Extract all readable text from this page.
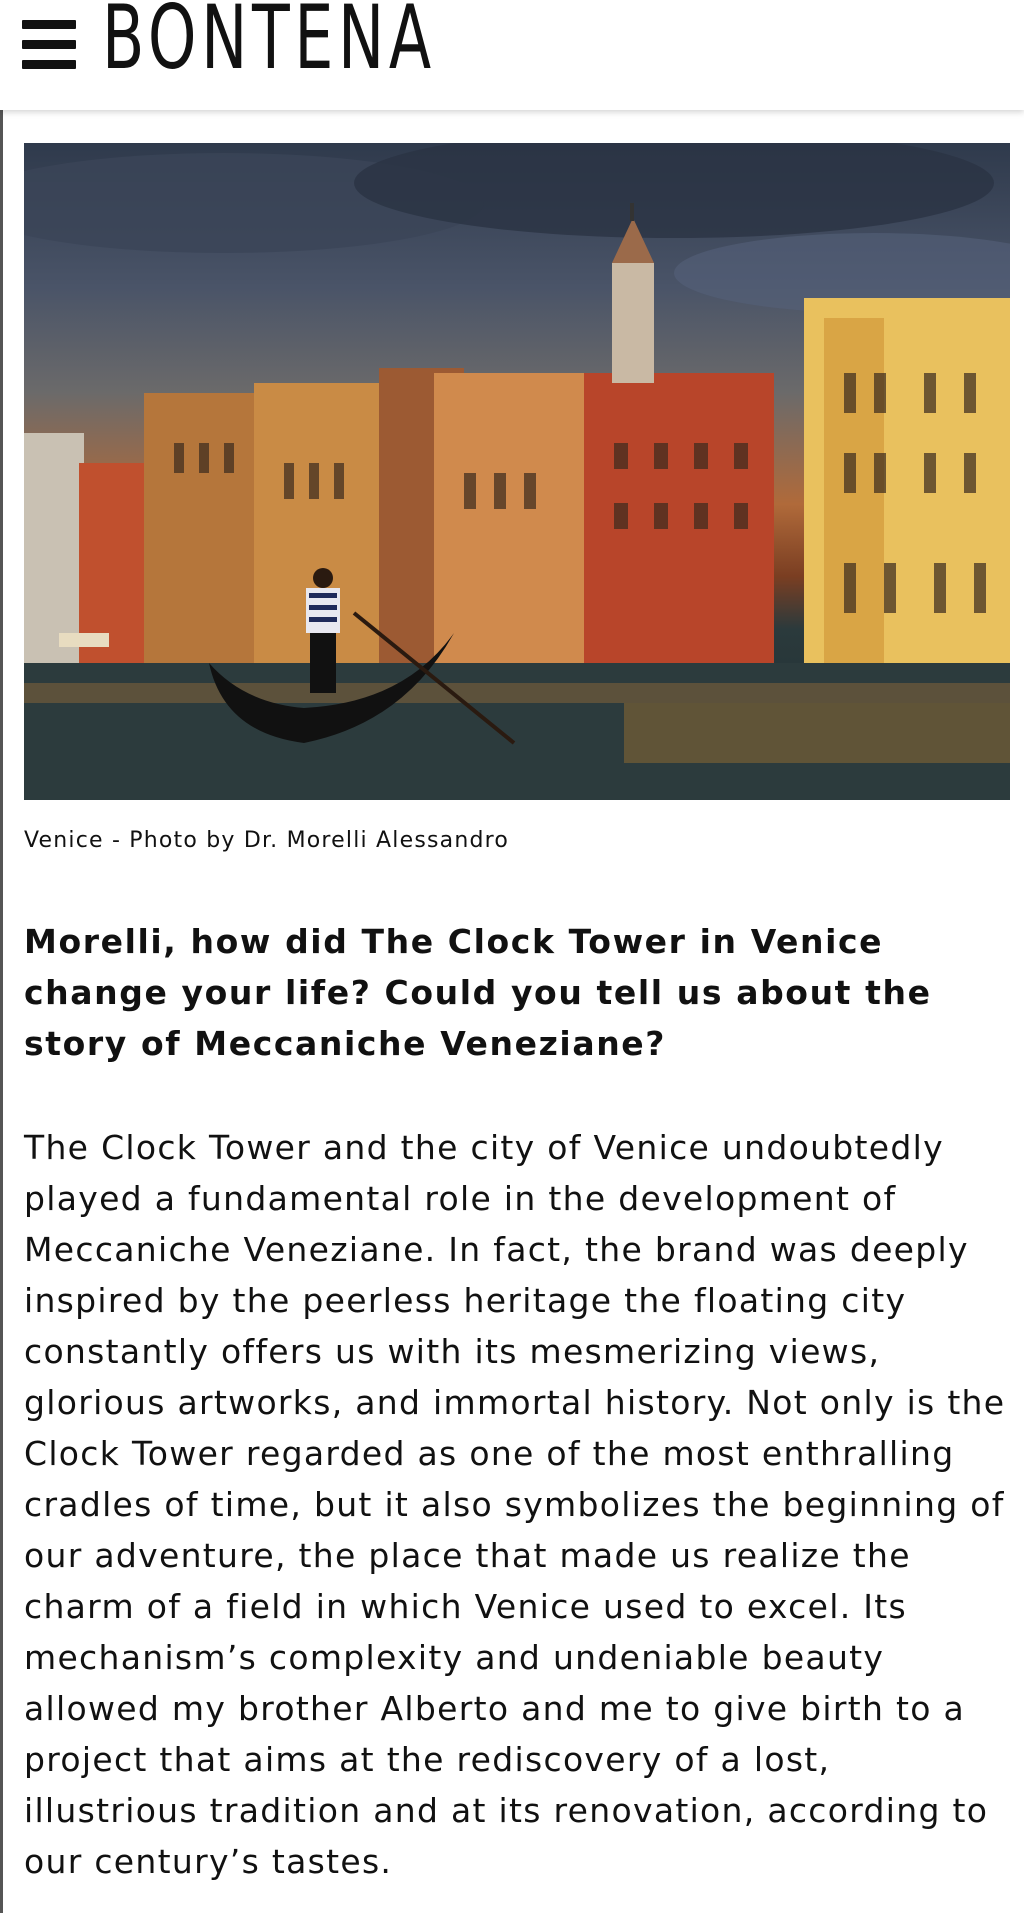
BONTENA
Venice - Photo by Dr. Morelli Alessandro
Morelli, how did The Clock Tower in Venice change your life? Could you tell us about the story of Meccaniche Veneziane?

The Clock Tower and the city of Venice undoubtedly played a fundamental role in the development of Meccaniche Veneziane. In fact, the brand was deeply inspired by the peerless heritage the floating city constantly offers us with its mesmerizing views, glorious artworks, and immortal history. Not only is the Clock Tower regarded as one of the most enthralling cradles of time, but it also symbolizes the beginning of our adventure, the place that made us realize the charm of a field in which Venice used to excel. Its mechanism’s complexity and undeniable beauty allowed my brother Alberto and me to give birth to a project that aims at the rediscovery of a lost, illustrious tradition and at its renovation, according to our century’s tastes.
